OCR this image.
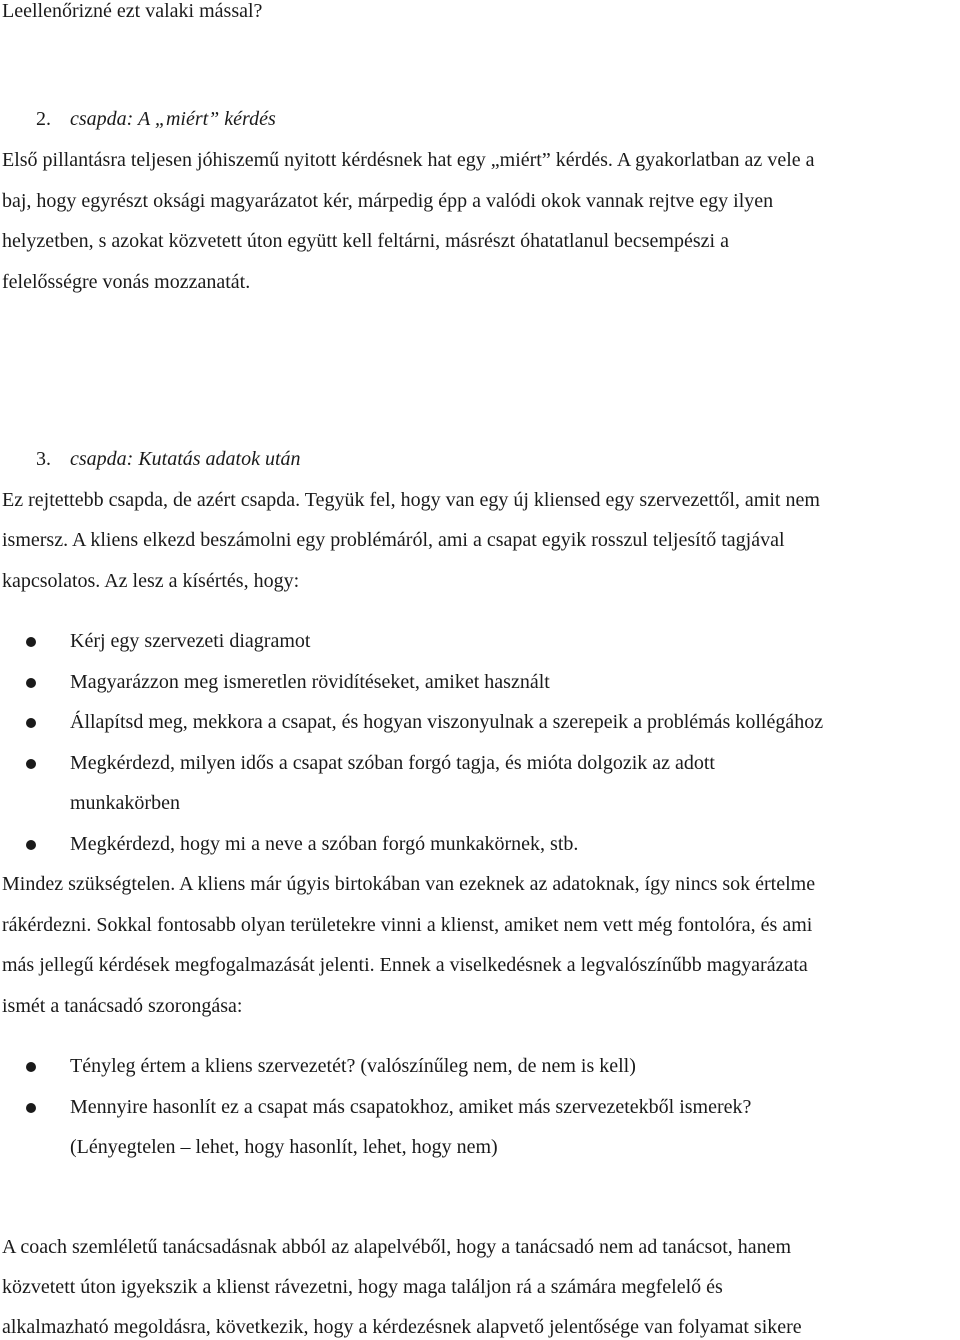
Leellenőrizné ezt valaki mással?
2. csapda: A „miért” kérdés
Első pillantásra teljesen jóhiszemű nyitott kérdésnek hat egy „miért” kérdés. A gyakorlatban az vele a
baj, hogy egyrészt oksági magyarázatot kér, márpedig épp a valódi okok vannak rejtve egy ilyen
helyzetben, s azokat közvetett úton együtt kell feltárni, másrészt óhatatlanul becsempészi a
felelősségre vonás mozzanatát.
3. csapda: Kutatás adatok után
Ez rejtettebb csapda, de azért csapda. Tegyük fel, hogy van egy új kliensed egy szervezettől, amit nem
ismersz. A kliens elkezd beszámolni egy problémáról, ami a csapat egyik rosszul teljesítő tagjával
kapcsolatos. Az lesz a kísértés, hogy:
Kérj egy szervezeti diagramot
Magyarázzon meg ismeretlen rövidítéseket, amiket használt
Állapítsd meg, mekkora a csapat, és hogyan viszonyulnak a szerepeik a problémás kollégához
Megkérdezd, milyen idős a csapat szóban forgó tagja, és mióta dolgozik az adott
munkakörben
Megkérdezd, hogy mi a neve a szóban forgó munkakörnek, stb.
Mindez szükségtelen. A kliens már úgyis birtokában van ezeknek az adatoknak, így nincs sok értelme
rákérdezni. Sokkal fontosabb olyan területekre vinni a klienst, amiket nem vett még fontolóra, és ami
más jellegű kérdések megfogalmazását jelenti. Ennek a viselkedésnek a legvalószínűbb magyarázata
ismét a tanácsadó szorongása:
Tényleg értem a kliens szervezetét? (valószínűleg nem, de nem is kell)
Mennyire hasonlít ez a csapat más csapatokhoz, amiket más szervezetekből ismerek?
(Lényegtelen – lehet, hogy hasonlít, lehet, hogy nem)
A coach szemléletű tanácsadásnak abból az alapelvéből, hogy a tanácsadó nem ad tanácsot, hanem
közvetett úton igyekszik a klienst rávezetni, hogy maga találjon rá a számára megfelelő és
alkalmazható megoldásra, következik, hogy a kérdezésnek alapvető jelentősége van folyamat sikere
